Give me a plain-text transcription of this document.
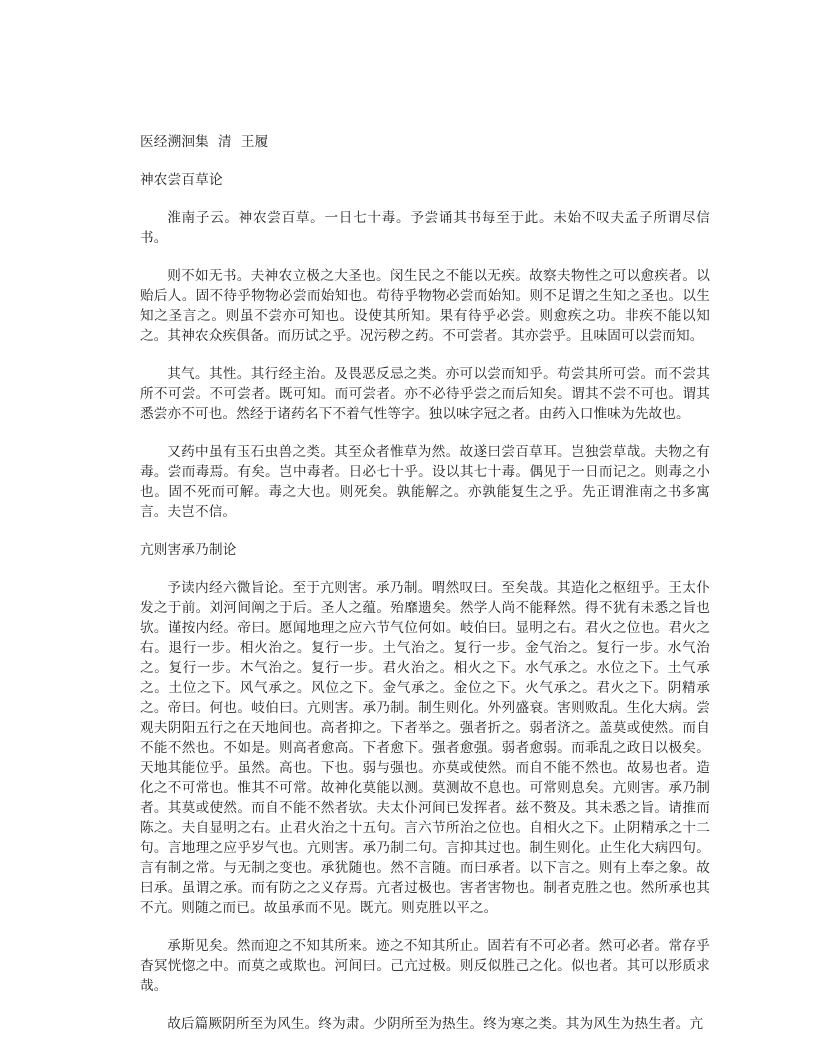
医经溯洄集  清  王履
神农尝百草论

淮南子云。神农尝百草。一日七十毒。予尝诵其书每至于此。未始不叹夫孟子所谓尽信书。

则不如无书。夫神农立极之大圣也。闵生民之不能以无疾。故察夫物性之可以愈疾者。以贻后人。固不待乎物物必尝而始知也。苟待乎物物必尝而始知。则不足谓之生知之圣也。以生知之圣言之。则虽不尝亦可知也。设使其所知。果有待乎必尝。则愈疾之功。非疾不能以知之。其神农众疾俱备。而历试之乎。况污秽之药。不可尝者。其亦尝乎。且味固可以尝而知。

其气。其性。其行经主治。及畏恶反忌之类。亦可以尝而知乎。苟尝其所可尝。而不尝其所不可尝。不可尝者。既可知。而可尝者。亦不必待乎尝之而后知矣。谓其不尝不可也。谓其悉尝亦不可也。然经于诸药名下不着气性等字。独以味字冠之者。由药入口惟味为先故也。

又药中虽有玉石虫兽之类。其至众者惟草为然。故遂曰尝百草耳。岂独尝草哉。夫物之有毒。尝而毒焉。有矣。岂中毒者。日必七十乎。设以其七十毒。偶见于一日而记之。则毒之小也。固不死而可解。毒之大也。则死矣。孰能解之。亦孰能复生之乎。先正谓淮南之书多寓言。夫岂不信。

亢则害承乃制论

予读内经六微旨论。至于亢则害。承乃制。喟然叹曰。至矣哉。其造化之枢纽乎。王太仆发之于前。刘河间阐之于后。圣人之蕴。殆靡遗矣。然学人尚不能释然。得不犹有未悉之旨也欤。谨按内经。帝曰。愿闻地理之应六节气位何如。岐伯曰。显明之右。君火之位也。君火之右。退行一步。相火治之。复行一步。土气治之。复行一步。金气治之。复行一步。水气治之。复行一步。木气治之。复行一步。君火治之。相火之下。水气承之。水位之下。土气承之。土位之下。风气承之。风位之下。金气承之。金位之下。火气承之。君火之下。阴精承之。帝曰。何也。岐伯曰。亢则害。承乃制。制生则化。外列盛衰。害则败乱。生化大病。尝观夫阴阳五行之在天地间也。高者抑之。下者举之。强者折之。弱者济之。盖莫或使然。而自不能不然也。不如是。则高者愈高。下者愈下。强者愈强。弱者愈弱。而乖乱之政日以极矣。天地其能位乎。虽然。高也。下也。弱与强也。亦莫或使然。而自不能不然也。故易也者。造化之不可常也。惟其不可常。故神化莫能以测。莫测故不息也。可常则息矣。亢则害。承乃制者。其莫或使然。而自不能不然者欤。夫太仆河间已发挥者。兹不赘及。其未悉之旨。请推而陈之。夫自显明之右。止君火治之十五句。言六节所治之位也。自相火之下。止阴精承之十二句。言地理之应乎岁气也。亢则害。承乃制二句。言抑其过也。制生则化。止生化大病四句。言有制之常。与无制之变也。承犹随也。然不言随。而曰承者。以下言之。则有上奉之象。故曰承。虽谓之承。而有防之之义存焉。亢者过极也。害者害物也。制者克胜之也。然所承也其不亢。则随之而已。故虽承而不见。既亢。则克胜以平之。

承斯见矣。然而迎之不知其所来。迹之不知其所止。固若有不可必者。然可必者。常存乎杳冥恍惚之中。而莫之或欺也。河间曰。己亢过极。则反似胜己之化。似也者。其可以形质求哉。

故后篇厥阴所至为风生。终为肃。少阴所至为热生。终为寒之类。其为风生为热生者。亢
